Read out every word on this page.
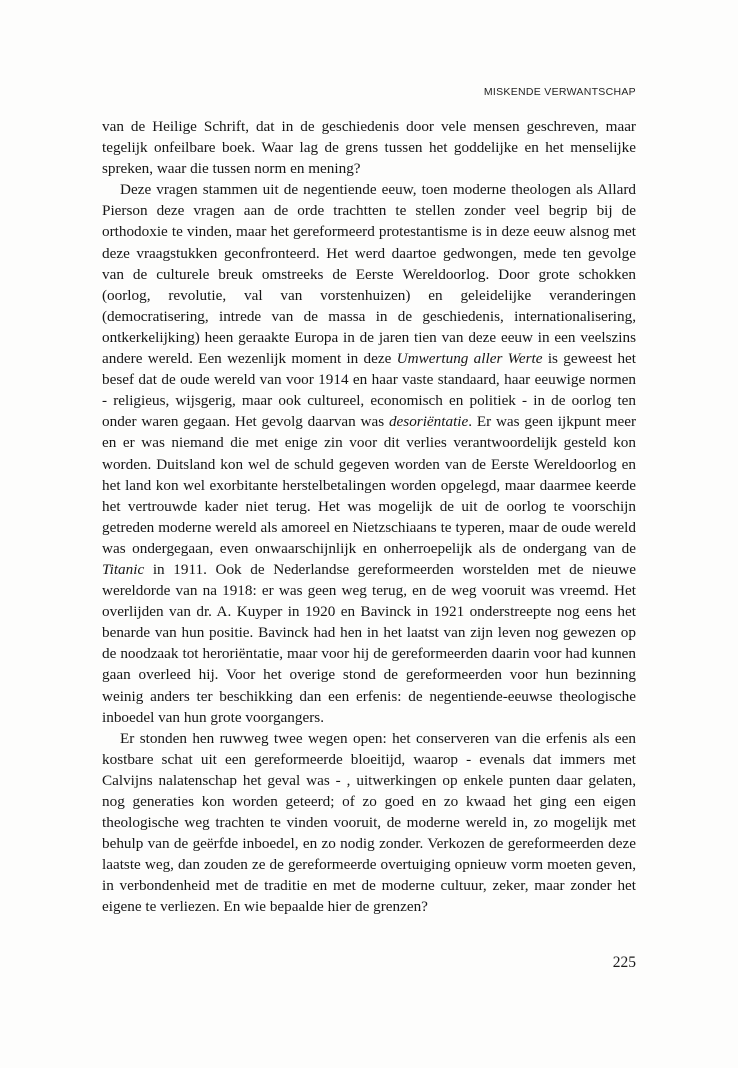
MISKENDE VERWANTSCHAP

van de Heilige Schrift, dat in de geschiedenis door vele mensen geschreven, maar tegelijk onfeilbare boek. Waar lag de grens tussen het goddelijke en het menselijke spreken, waar die tussen norm en mening?

Deze vragen stammen uit de negentiende eeuw, toen moderne theologen als Allard Pierson deze vragen aan de orde trachtten te stellen zonder veel begrip bij de orthodoxie te vinden, maar het gereformeerd protestantisme is in deze eeuw alsnog met deze vraagstukken geconfronteerd. Het werd daartoe gedwongen, mede ten gevolge van de culturele breuk omstreeks de Eerste Wereldoorlog. Door grote schokken (oorlog, revolutie, val van vorstenhuizen) en geleidelijke veranderingen (democratisering, intrede van de massa in de geschiedenis, internationalisering, ontkerkelijking) heen geraakte Europa in de jaren tien van deze eeuw in een veelszins andere wereld. Een wezenlijk moment in deze Umwertung aller Werte is geweest het besef dat de oude wereld van voor 1914 en haar vaste standaard, haar eeuwige normen - religieus, wijsgerig, maar ook cultureel, economisch en politiek - in de oorlog ten onder waren gegaan. Het gevolg daarvan was desoriëntatie. Er was geen ijkpunt meer en er was niemand die met enige zin voor dit verlies verantwoordelijk gesteld kon worden. Duitsland kon wel de schuld gegeven worden van de Eerste Wereldoorlog en het land kon wel exorbitante herstelbetalingen worden opgelegd, maar daarmee keerde het vertrouwde kader niet terug. Het was mogelijk de uit de oorlog te voorschijn getreden moderne wereld als amoreel en Nietzschiaans te typeren, maar de oude wereld was ondergegaan, even onwaarschijnlijk en onherroepelijk als de ondergang van de Titanic in 1911. Ook de Nederlandse gereformeerden worstelden met de nieuwe wereldorde van na 1918: er was geen weg terug, en de weg vooruit was vreemd. Het overlijden van dr. A. Kuyper in 1920 en Bavinck in 1921 onderstreepte nog eens het benarde van hun positie. Bavinck had hen in het laatst van zijn leven nog gewezen op de noodzaak tot heroriëntatie, maar voor hij de gereformeerden daarin voor had kunnen gaan overleed hij. Voor het overige stond de gereformeerden voor hun bezinning weinig anders ter beschikking dan een erfenis: de negentiende-eeuwse theologische inboedel van hun grote voorgangers.

Er stonden hen ruwweg twee wegen open: het conserveren van die erfenis als een kostbare schat uit een gereformeerde bloeitijd, waarop - evenals dat immers met Calvijns nalatenschap het geval was - , uitwerkingen op enkele punten daar gelaten, nog generaties kon worden geteerd; of zo goed en zo kwaad het ging een eigen theologische weg trachten te vinden vooruit, de moderne wereld in, zo mogelijk met behulp van de geërfde inboedel, en zo nodig zonder. Verkozen de gereformeerden deze laatste weg, dan zouden ze de gereformeerde overtuiging opnieuw vorm moeten geven, in verbondenheid met de traditie en met de moderne cultuur, zeker, maar zonder het eigene te verliezen. En wie bepaalde hier de grenzen?

225
